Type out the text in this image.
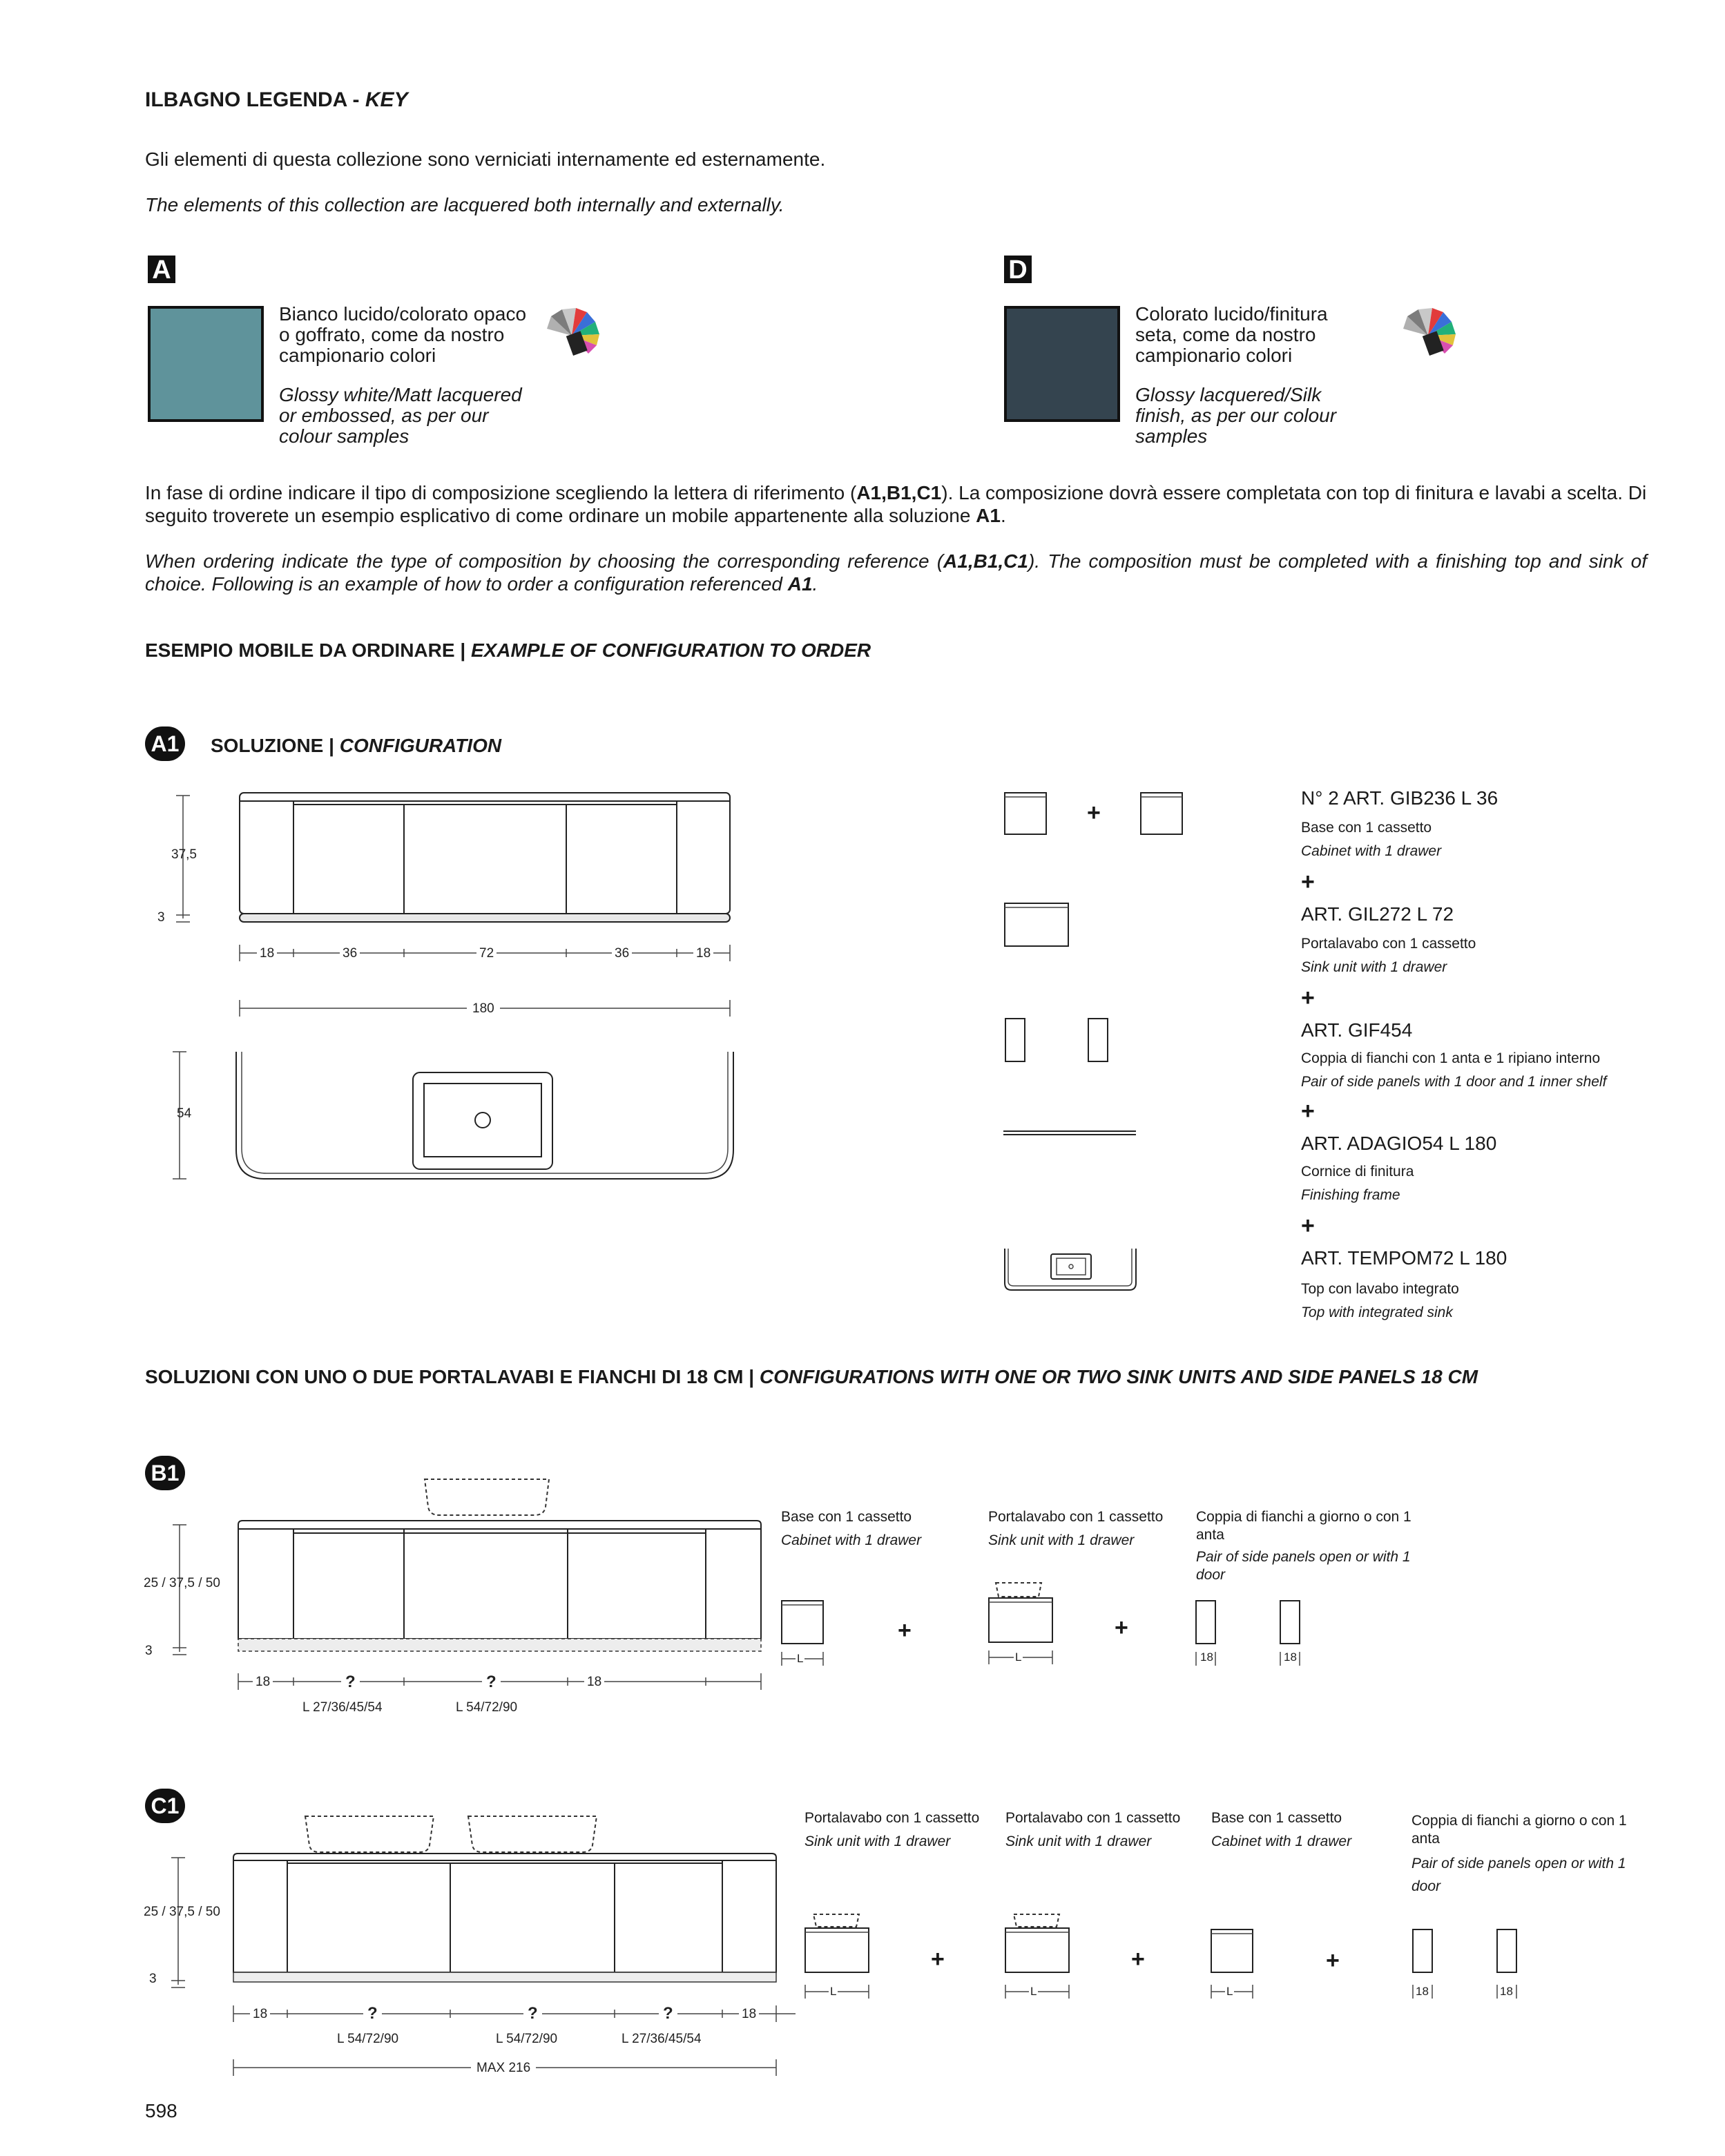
ILBAGNO LEGENDA - KEY
Gli elementi di questa collezione sono verniciati internamente ed esternamente.
The elements of this collection are lacquered both internally and externally.
A
Bianco lucido/colorato opaco o goffrato, come da nostro campionario colori
Glossy white/Matt lacquered or embossed, as per our colour samples
D
Colorato lucido/finitura seta, come da nostro campionario colori
Glossy lacquered/Silk finish, as per our colour samples
In fase di ordine indicare il tipo di composizione scegliendo la lettera di riferimento (A1,B1,C1). La composizione dovrà essere completata con top di finitura e lavabi a scelta. Di seguito troverete un esempio esplicativo di come ordinare un mobile appartenente alla soluzione A1.
When ordering indicate the type of composition by choosing the corresponding reference (A1,B1,C1). The composition must be completed with a finishing top and sink of choice. Following is an example of how to order a configuration referenced A1.
ESEMPIO MOBILE DA ORDINARE | EXAMPLE OF CONFIGURATION TO ORDER
A1	SOLUZIONE | CONFIGURATION
37,5
3
18	36	72	36	18
180
54
+
N° 2 ART. GIB236 L 36
Base con 1 cassetto
Cabinet with 1 drawer
+
ART. GIL272 L 72
Portalavabo con 1 cassetto
Sink unit with 1 drawer
+
ART. GIF454
Coppia di fianchi con 1 anta e 1 ripiano interno
Pair of side panels with 1 door and 1 inner shelf
+
ART. ADAGIO54 L 180
Cornice di finitura
Finishing frame
+
ART. TEMPOM72 L 180
Top con lavabo integrato
Top with integrated sink
SOLUZIONI CON UNO O DUE PORTALAVABI E FIANCHI DI 18 CM | CONFIGURATIONS WITH ONE OR TWO SINK UNITS AND SIDE PANELS 18 CM
B1
25 / 37,5 / 50
3
18	?	?	18
L 27/36/45/54	L 54/72/90
Base con 1 cassetto
Cabinet with 1 drawer
Portalavabo con 1 cassetto
Sink unit with 1 drawer
Coppia di fianchi a giorno o con 1 anta
Pair of side panels open or with 1 door
L	L	18	18
+	+
C1
25 / 37,5 / 50
3
18	?	?	?	18
L 54/72/90	L 54/72/90	L 27/36/45/54
MAX 216
Portalavabo con 1 cassetto
Sink unit with 1 drawer
Portalavabo con 1 cassetto
Sink unit with 1 drawer
Base con 1 cassetto
Cabinet with 1 drawer
Coppia di fianchi a giorno o con 1 anta
Pair of side panels open or with 1 door
L	L	L	18	18
+	+	+
598
